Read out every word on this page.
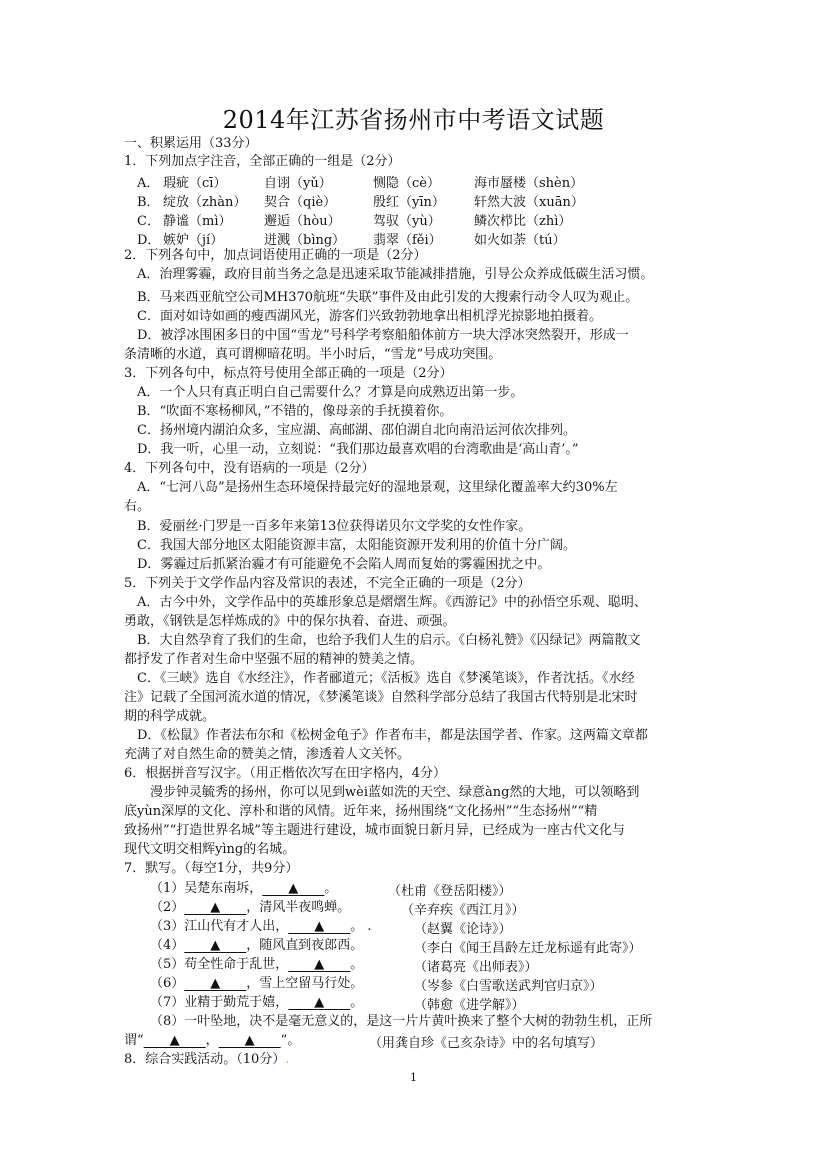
2014年江苏省扬州市中考语文试题
一、积累运用（33分）
1．下列加点字注音，全部正确的一组是（2分）
A． 瑕疵（cī）	自诩（yǔ）	恻隐（cè）	海市蜃楼（shèn）
B． 绽放（zhàn） 契合（qiè）	殷红（yīn） 轩然大波（xuān）
C． 静谧（mì）	邂逅（hòu） 驾驭（yù）	鳞次栉比（zhì）
D． 嫉妒（jí）	迸溅（bìng） 翡翠（fěi） 如火如荼（tú）
2．下列各句中，加点词语使用正确的一项是（2分）
A．治理雾霾，政府目前当务之急是迅速采取节能减排措施，引导公众养成低碳生活习惯。
B．马来西亚航空公司MH370航班“失联”事件及由此引发的大搜索行动令人叹为观止。
C．面对如诗如画的瘦西湖风光，游客们兴致勃勃地拿出相机浮光掠影地拍摄着。
D．被浮冰围困多日的中国“雪龙”号科学考察船船体前方一块大浮冰突然裂开，形成一
条清晰的水道，真可谓柳暗花明。半小时后，“雪龙”号成功突围。
3．下列各句中，标点符号使用全部正确的一项是（2分）
A．一个人只有真正明白自己需要什么？才算是向成熟迈出第一步。
B．“吹面不寒杨柳风，”不错的，像母亲的手抚摸着你。
C．扬州境内湖泊众多，宝应湖、高邮湖、邵伯湖自北向南沿运河依次排列。
D．我一听，心里一动，立刻说：“我们那边最喜欢唱的台湾歌曲是‘高山青’。”
4．下列各句中，没有语病的一项是（2分）
A．“七河八岛”是扬州生态环境保持最完好的湿地景观，这里绿化覆盖率大约30%左
右。
B．爱丽丝·门罗是一百多年来第13位获得诺贝尔文学奖的女性作家。
C．我国大部分地区太阳能资源丰富，太阳能资源开发利用的价值十分广阔。
D．雾霾过后抓紧治霾才有可能避免不会陷人周而复始的雾霾困扰之中。
5．下列关于文学作品内容及常识的表述，不完全正确的一项是（2分）
A．古今中外，文学作品中的英雄形象总是熠熠生辉。《西游记》中的孙悟空乐观、聪明、
勇敢，《钢铁是怎样炼成的》中的保尔执着、奋进、顽强。
B．大自然孕育了我们的生命，也给予我们人生的启示。《白杨礼赞》《囚绿记》两篇散文
都抒发了作者对生命中坚强不屈的精神的赞美之情。
C．《三峡》选自《水经注》，作者郦道元；《活板》选自《梦溪笔谈》，作者沈括。《水经
注》记载了全国河流水道的情况，《梦溪笔谈》自然科学部分总结了我国古代特别是北宋时
期的科学成就。
D．《松鼠》作者法布尔和《松树金龟子》作者布丰，都是法国学者、作家。这两篇文章都
充满了对自然生命的赞美之情，渗透着人文关怀。
6．根据拼音写汉字。（用正楷依次写在田字格内，4分）
漫步钟灵毓秀的扬州，你可以见到wèi蓝如洗的天空、绿意àng然的大地，可以领略到
底yùn深厚的文化、淳朴和谐的风情。近年来，扬州围绕“文化扬州”“生态扬州”“精
致扬州”“打造世界名城”等主题进行建设，城市面貌日新月异，已经成为一座古代文化与
现代文明交相辉yìng的名城。
7．默写。（每空1分，共9分）
（1）吴楚东南坼，   ▲   。	（杜甫《登岳阳楼》）
（2）   ▲   ，清风半夜鸣蝉。	（辛弃疾《西江月》）
（3）江山代有才人出，   ▲   。 .	（赵翼《论诗》）
（4）   ▲   ，随风直到夜郎西。	（李白《闻王昌龄左迁龙标遥有此寄》）
（5）苟全性命于乱世，   ▲   。	（诸葛亮《出师表》）
（6）   ▲   ，雪上空留马行处。	（岑参《白雪歌送武判官归京》）
（7）业精于勤荒于嬉，   ▲   。	（韩愈《进学解》）
（8）一叶坠地，决不是毫无意义的，是这一片片黄叶换来了整个大树的勃勃生机，正所
谓“   ▲   ，   ▲   ”。	（用龚自珍《己亥杂诗》中的名句填写）
8．综合实践活动。（10分）.
1
